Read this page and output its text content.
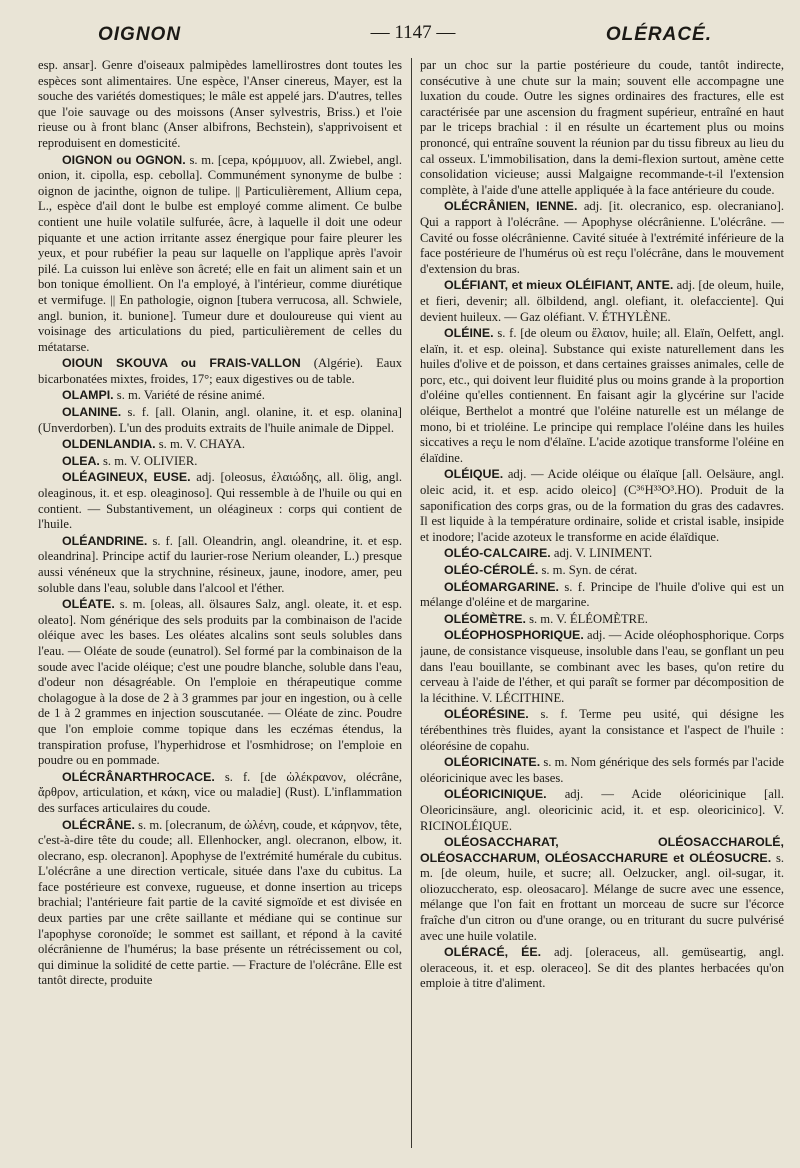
OIGNON	— 1147 —	OLÉRACÉ.

esp. ansar]. Genre d'oiseaux palmipèdes lamellirostres dont toutes les espèces sont alimentaires. Une espèce, l'Anser cinereus, Mayer, est la souche des variétés domestiques; le mâle est appelé jars. D'autres, telles que l'oie sauvage ou des moissons (Anser sylvestris, Briss.) et l'oie rieuse ou à front blanc (Anser albifrons, Bechstein), s'apprivoisent et reproduisent en domesticité.

OIGNON ou OGNON. s. m. [cepa, κρόμμυον, all. Zwiebel, angl. onion, it. cipolla, esp. cebolla]. Communément synonyme de bulbe : oignon de jacinthe, oignon de tulipe. || Particulièrement, Allium cepa, L., espèce d'ail dont le bulbe est employé comme aliment. Ce bulbe contient une huile volatile sulfurée, âcre, à laquelle il doit une odeur piquante et une action irritante assez énergique pour faire pleurer les yeux, et pour rubéfier la peau sur laquelle on l'applique après l'avoir pilé. La cuisson lui enlève son âcreté; elle en fait un aliment sain et un bon tonique émollient. On l'a employé, à l'intérieur, comme diurétique et vermifuge. || En pathologie, oignon [tubera verrucosa, all. Schwiele, angl. bunion, it. bunione]. Tumeur dure et douloureuse qui vient au voisinage des articulations du pied, particulièrement de celles du métatarse.

OIOUN SKOUVA ou FRAIS-VALLON (Algérie). Eaux bicarbonatées mixtes, froides, 17°; eaux digestives ou de table.

OLAMPI. s. m. Variété de résine animé.

OLANINE. s. f. [all. Olanin, angl. olanine, it. et esp. olanina] (Unverdorben). L'un des produits extraits de l'huile animale de Dippel.

OLDENLANDIA. s. m. V. CHAYA.

OLEA. s. m. V. OLIVIER.

OLÉAGINEUX, EUSE. adj. [oleosus, ἐλαιώδης, all. ölig, angl. oleaginous, it. et esp. oleaginoso]. Qui ressemble à de l'huile ou qui en contient. — Substantivement, un oléagineux : corps qui contient de l'huile.

OLÉANDRINE. s. f. [all. Oleandrin, angl. oleandrine, it. et esp. oleandrina]. Principe actif du laurier-rose Nerium oleander, L.) presque aussi vénéneux que la strychnine, résineux, jaune, inodore, amer, peu soluble dans l'eau, soluble dans l'alcool et l'éther.

OLÉATE. s. m. [oleas, all. ölsaures Salz, angl. oleate, it. et esp. oleato]. Nom générique des sels produits par la combinaison de l'acide oléique avec les bases. Les oléates alcalins sont seuls solubles dans l'eau. — Oléate de soude (eunatrol). Sel formé par la combinaison de la soude avec l'acide oléique; c'est une poudre blanche, soluble dans l'eau, d'odeur non désagréable. On l'emploie en thérapeutique comme cholagogue à la dose de 2 à 3 grammes par jour en ingestion, ou à celle de 1 à 2 grammes en injection souscutanée. — Oléate de zinc. Poudre que l'on emploie comme topique dans les eczémas étendus, la transpiration profuse, l'hyperhidrose et l'osmhidrose; on l'emploie en poudre ou en pommade.

OLÉCRÂNARTHROCACE. s. f. [de ὠλέκρανον, olécrâne, ἄρθρον, articulation, et κάκη, vice ou maladie] (Rust). L'inflammation des surfaces articulaires du coude.

OLÉCRÂNE. s. m. [olecranum, de ὠλένη, coude, et κάρηνον, tête, c'est-à-dire tête du coude; all. Ellenhocker, angl. olecranon, elbow, it. olecrano, esp. olecranon]. Apophyse de l'extrémité humérale du cubitus. L'olécrâne a une direction verticale, située dans l'axe du cubitus. La face postérieure est convexe, rugueuse, et donne insertion au triceps brachial; l'antérieure fait partie de la cavité sigmoïde et est divisée en deux parties par une crête saillante et médiane qui se continue sur l'apophyse coronoïde; le sommet est saillant, et répond à la cavité olécrânienne de l'humérus; la base présente un rétrécissement ou col, qui diminue la solidité de cette partie. — Fracture de l'olécrâne. Elle est tantôt directe, produite

par un choc sur la partie postérieure du coude, tantôt indirecte, consécutive à une chute sur la main; souvent elle accompagne une luxation du coude. Outre les signes ordinaires des fractures, elle est caractérisée par une ascension du fragment supérieur, entraîné en haut par le triceps brachial : il en résulte un écartement plus ou moins prononcé, qui entraîne souvent la réunion par du tissu fibreux au lieu du cal osseux. L'immobilisation, dans la demi-flexion surtout, amène cette consolidation vicieuse; aussi Malgaigne recommande-t-il l'extension complète, à l'aide d'une attelle appliquée à la face antérieure du coude.

OLÉCRÂNIEN, IENNE. adj. [it. olecranico, esp. olecraniano]. Qui a rapport à l'olécrâne. — Apophyse olécrânienne. L'olécrâne. — Cavité ou fosse olécrânienne. Cavité située à l'extrémité inférieure de la face postérieure de l'humérus où est reçu l'olécrâne, dans le mouvement d'extension du bras.

OLÉFIANT, et mieux OLÉIFIANT, ANTE. adj. [de oleum, huile, et fieri, devenir; all. ölbildend, angl. olefiant, it. olefacciente]. Qui devient huileux. — Gaz oléfiant. V. ÉTHYLÈNE.

OLÉINE. s. f. [de oleum ou ἔλαιον, huile; all. Elaïn, Oelfett, angl. elaïn, it. et esp. oleina]. Substance qui existe naturellement dans les huiles d'olive et de poisson, et dans certaines graisses animales, celle de porc, etc., qui doivent leur fluidité plus ou moins grande à la proportion d'oléine qu'elles contiennent. En faisant agir la glycérine sur l'acide oléique, Berthelot a montré que l'oléine naturelle est un mélange de mono, bi et trioléine. Le principe qui remplace l'oléine dans les huiles siccatives a reçu le nom d'élaïne. L'acide azotique transforme l'oléine en élaïdine.

OLÉIQUE. adj. — Acide oléique ou élaïque [all. Oelsäure, angl. oleic acid, it. et esp. acido oleico] (C³⁶H³³O³.HO). Produit de la saponification des corps gras, ou de la formation du gras des cadavres. Il est liquide à la température ordinaire, solide et cristal isable, insipide et inodore; l'acide azoteux le transforme en acide élaïdique.

OLÉO-CALCAIRE. adj. V. LINIMENT.

OLÉO-CÉROLÉ. s. m. Syn. de cérat.

OLÉOMARGARINE. s. f. Principe de l'huile d'olive qui est un mélange d'oléine et de margarine.

OLÉOMÈTRE. s. m. V. ÉLÉOMÈTRE.

OLÉOPHOSPHORIQUE. adj. — Acide oléophosphorique. Corps jaune, de consistance visqueuse, insoluble dans l'eau, se gonflant un peu dans l'eau bouillante, se combinant avec les bases, qu'on retire du cerveau à l'aide de l'éther, et qui paraît se former par décomposition de la lécithine. V. LÉCITHINE.

OLÉORÉSINE. s. f. Terme peu usité, qui désigne les térébenthines très fluides, ayant la consistance et l'aspect de l'huile : oléorésine de copahu.

OLÉORICINATE. s. m. Nom générique des sels formés par l'acide oléoricinique avec les bases.

OLÉORICINIQUE. adj. — Acide oléoricinique [all. Oleoricinsäure, angl. oleoricinic acid, it. et esp. oleoricinico]. V. RICINOLÉIQUE.

OLÉOSACCHARAT, OLÉOSACCHAROLÉ, OLÉOSACCHARUM, OLÉOSACCHARURE et OLÉOSUCRE. s. m. [de oleum, huile, et sucre; all. Oelzucker, angl. oil-sugar, it. oliozuccherato, esp. oleosacaro]. Mélange de sucre avec une essence, mélange que l'on fait en frottant un morceau de sucre sur l'écorce fraîche d'un citron ou d'une orange, ou en triturant du sucre pulvérisé avec une huile volatile.

OLÉRACÉ, ÉE. adj. [oleraceus, all. gemüseartig, angl. oleraceous, it. et esp. oleraceo]. Se dit des plantes herbacées qu'on emploie à titre d'aliment.
